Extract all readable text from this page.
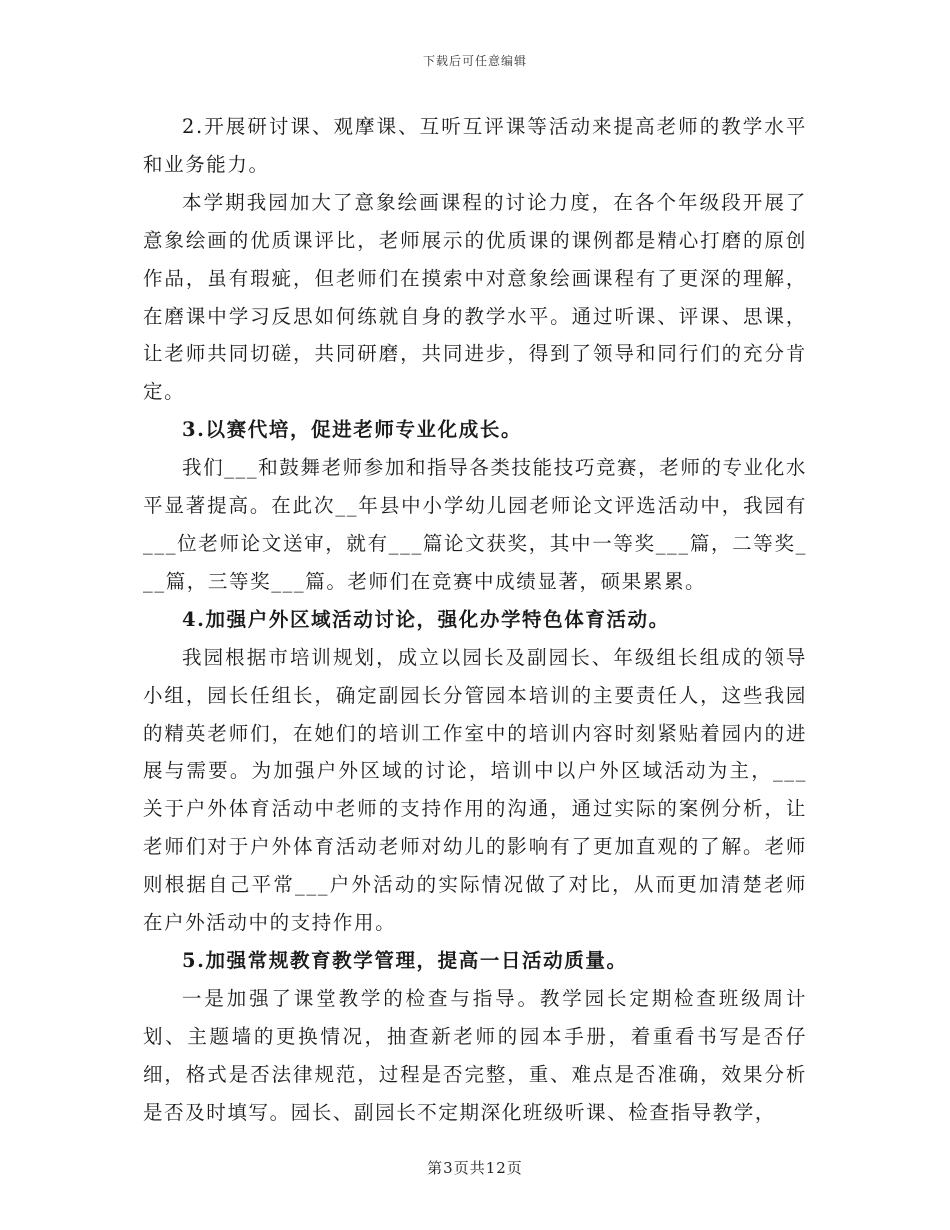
下载后可任意编辑

2.开展研讨课、观摩课、互听互评课等活动来提高老师的教学水平和业务能力。

本学期我园加大了意象绘画课程的讨论力度，在各个年级段开展了意象绘画的优质课评比，老师展示的优质课的课例都是精心打磨的原创作品，虽有瑕疵，但老师们在摸索中对意象绘画课程有了更深的理解，在磨课中学习反思如何练就自身的教学水平。通过听课、评课、思课，让老师共同切磋，共同研磨，共同进步，得到了领导和同行们的充分肯定。

3.以赛代培，促进老师专业化成长。

我们___和鼓舞老师参加和指导各类技能技巧竞赛，老师的专业化水平显著提高。在此次__年县中小学幼儿园老师论文评选活动中，我园有___位老师论文送审，就有___篇论文获奖，其中一等奖___篇，二等奖___篇，三等奖___篇。老师们在竞赛中成绩显著，硕果累累。

4.加强户外区域活动讨论，强化办学特色体育活动。

我园根据市培训规划，成立以园长及副园长、年级组长组成的领导小组，园长任组长，确定副园长分管园本培训的主要责任人，这些我园的精英老师们，在她们的培训工作室中的培训内容时刻紧贴着园内的进展与需要。为加强户外区域的讨论，培训中以户外区域活动为主，___关于户外体育活动中老师的支持作用的沟通，通过实际的案例分析，让老师们对于户外体育活动老师对幼儿的影响有了更加直观的了解。老师则根据自己平常___户外活动的实际情况做了对比，从而更加清楚老师在户外活动中的支持作用。

5.加强常规教育教学管理，提高一日活动质量。

一是加强了课堂教学的检查与指导。教学园长定期检查班级周计划、主题墙的更换情况，抽查新老师的园本手册，着重看书写是否仔细，格式是否法律规范，过程是否完整，重、难点是否准确，效果分析是否及时填写。园长、副园长不定期深化班级听课、检查指导教学，

第3页共12页
